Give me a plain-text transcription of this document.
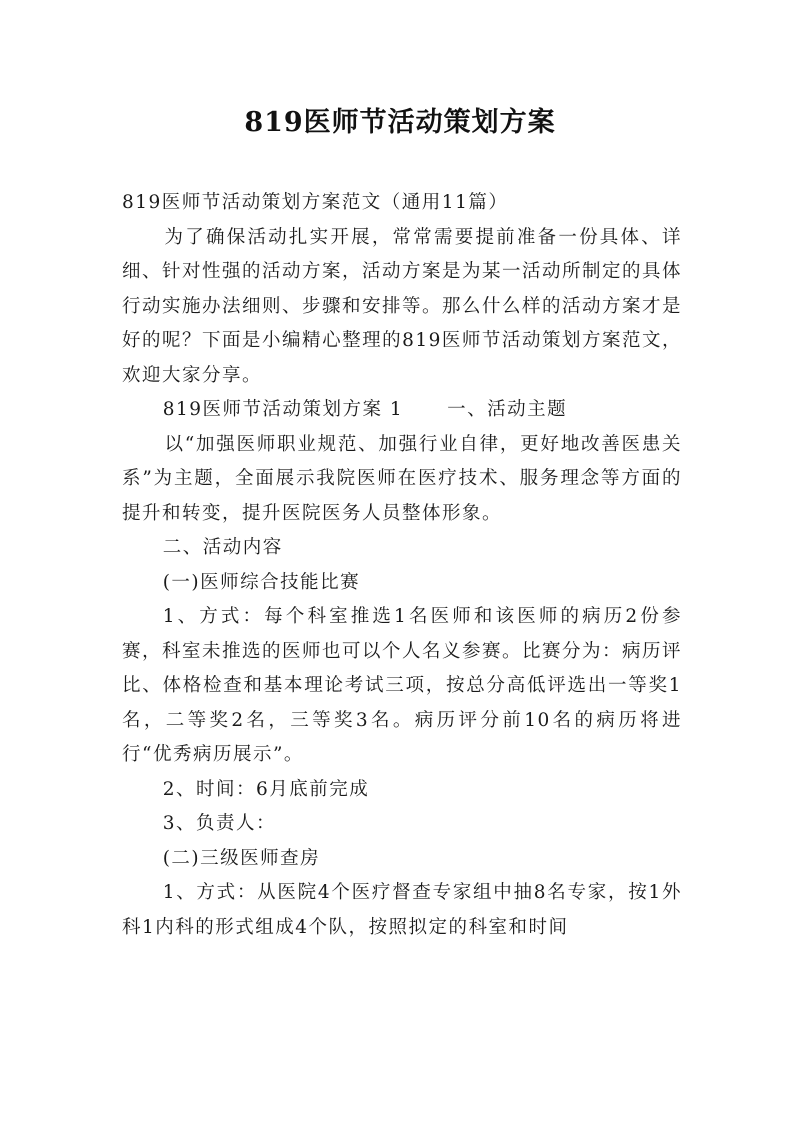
819医师节活动策划方案

819医师节活动策划方案范文（通用11篇）

为了确保活动扎实开展，常常需要提前准备一份具体、详细、针对性强的活动方案，活动方案是为某一活动所制定的具体行动实施办法细则、步骤和安排等。那么什么样的活动方案才是好的呢？下面是小编精心整理的819医师节活动策划方案范文，欢迎大家分享。

819医师节活动策划方案 1 一、活动主题

以“加强医师职业规范、加强行业自律，更好地改善医患关系”为主题，全面展示我院医师在医疗技术、服务理念等方面的提升和转变，提升医院医务人员整体形象。

二、活动内容

(一)医师综合技能比赛

1、方式：每个科室推选1名医师和该医师的病历2份参赛，科室未推选的医师也可以个人名义参赛。比赛分为：病历评比、体格检查和基本理论考试三项，按总分高低评选出一等奖1名，二等奖2名，三等奖3名。病历评分前10名的病历将进行“优秀病历展示”。

2、时间：6月底前完成

3、负责人：

(二)三级医师查房

1、方式：从医院4个医疗督查专家组中抽8名专家，按1外科1内科的形式组成4个队，按照拟定的科室和时间
